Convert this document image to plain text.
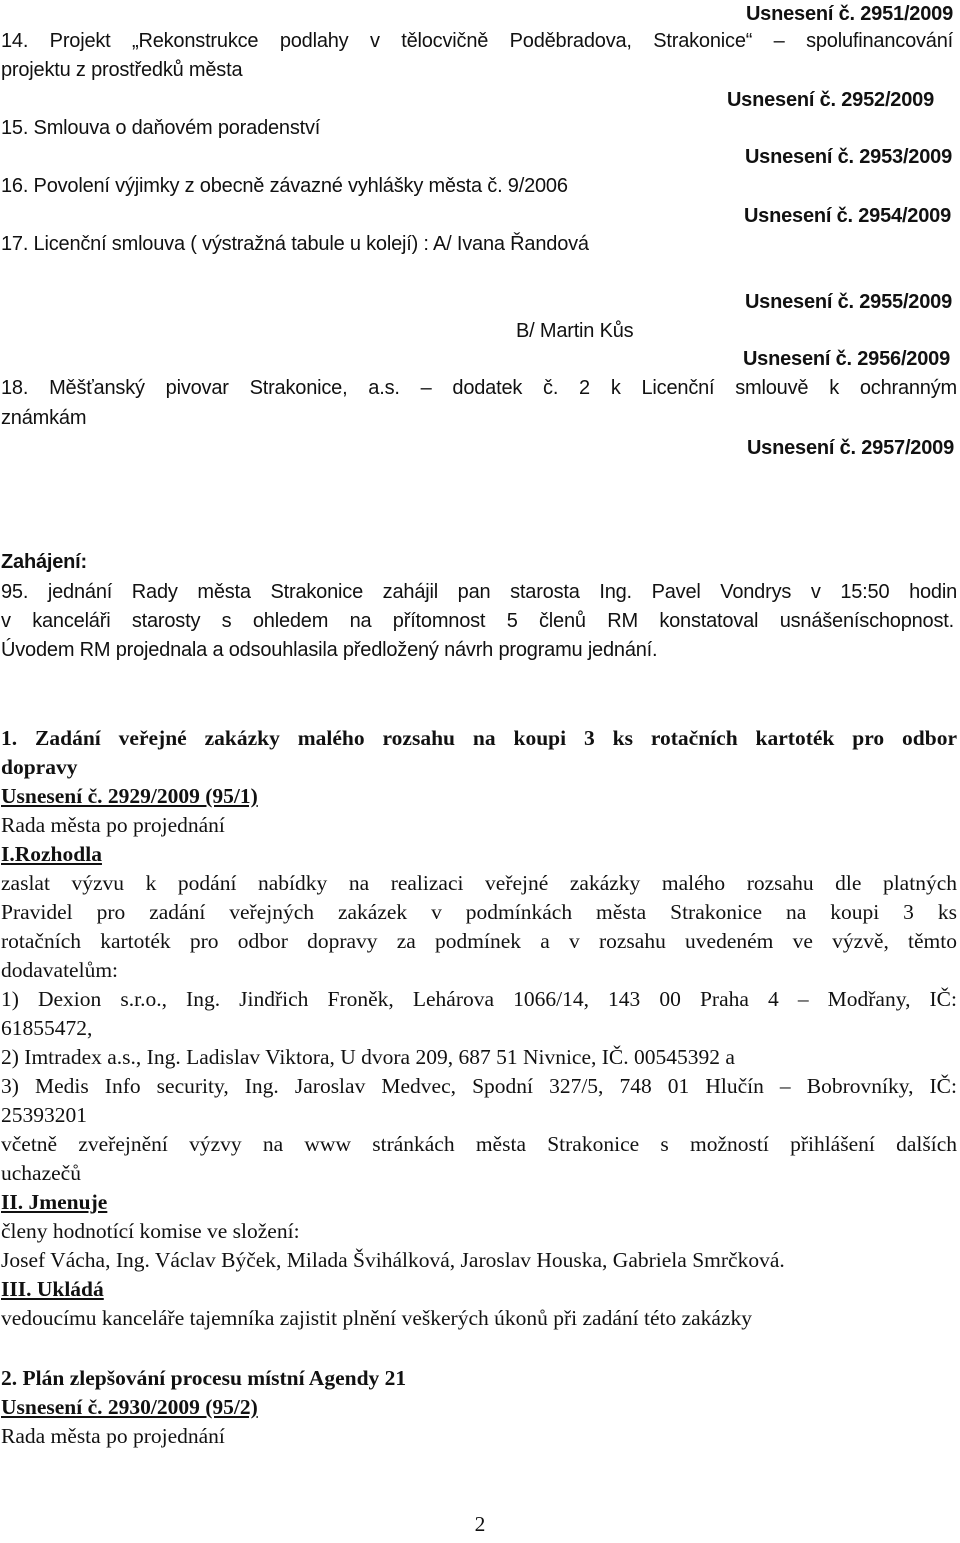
Usnesení č. 2951/2009
14. Projekt „Rekonstrukce podlahy v tělocvičně Poděbradova, Strakonice“ – spolufinancování
projektu z prostředků města
Usnesení č. 2952/2009
15. Smlouva o daňovém poradenství
Usnesení č. 2953/2009
16. Povolení výjimky z obecně závazné vyhlášky města č. 9/2006
Usnesení č. 2954/2009
17. Licenční smlouva ( výstražná tabule u kolejí) : A/ Ivana Řandová
Usnesení č. 2955/2009
B/ Martin Kůs
Usnesení č. 2956/2009
18. Měšťanský pivovar Strakonice, a.s. – dodatek č. 2 k Licenční smlouvě k ochranným
známkám
Usnesení č. 2957/2009
Zahájení:
95. jednání Rady města Strakonice zahájil pan starosta Ing. Pavel Vondrys v 15:50 hodin
v kanceláři starosty s ohledem na přítomnost 5 členů RM konstatoval usnášeníschopnost.
Úvodem RM projednala a odsouhlasila předložený návrh programu jednání.
1. Zadání veřejné zakázky malého rozsahu na koupi 3 ks rotačních kartoték pro odbor
dopravy
Usnesení č. 2929/2009 (95/1)
Rada města po projednání
I.Rozhodla
zaslat výzvu k podání nabídky na realizaci veřejné zakázky malého rozsahu dle platných
Pravidel pro zadání veřejných zakázek v podmínkách města Strakonice na koupi 3 ks
rotačních kartoték pro odbor dopravy za podmínek a v rozsahu uvedeném ve výzvě, těmto
dodavatelům:
1) Dexion s.r.o., Ing. Jindřich Froněk, Lehárova 1066/14, 143 00 Praha 4 – Modřany, IČ:
61855472,
2) Imtradex a.s., Ing. Ladislav Viktora, U dvora 209, 687 51 Nivnice, IČ. 00545392 a
3) Medis Info security, Ing. Jaroslav Medvec, Spodní 327/5, 748 01 Hlučín – Bobrovníky, IČ:
25393201
včetně zveřejnění výzvy na www stránkách města Strakonice s možností přihlášení dalších
uchazečů
II. Jmenuje
členy hodnotící komise ve složení:
Josef Vácha, Ing. Václav Býček, Milada Švihálková, Jaroslav Houska, Gabriela Smrčková.
III. Ukládá
vedoucímu kanceláře tajemníka zajistit plnění veškerých úkonů při zadání této zakázky
2. Plán zlepšování procesu místní Agendy 21
Usnesení č. 2930/2009 (95/2)
Rada města po projednání
2
